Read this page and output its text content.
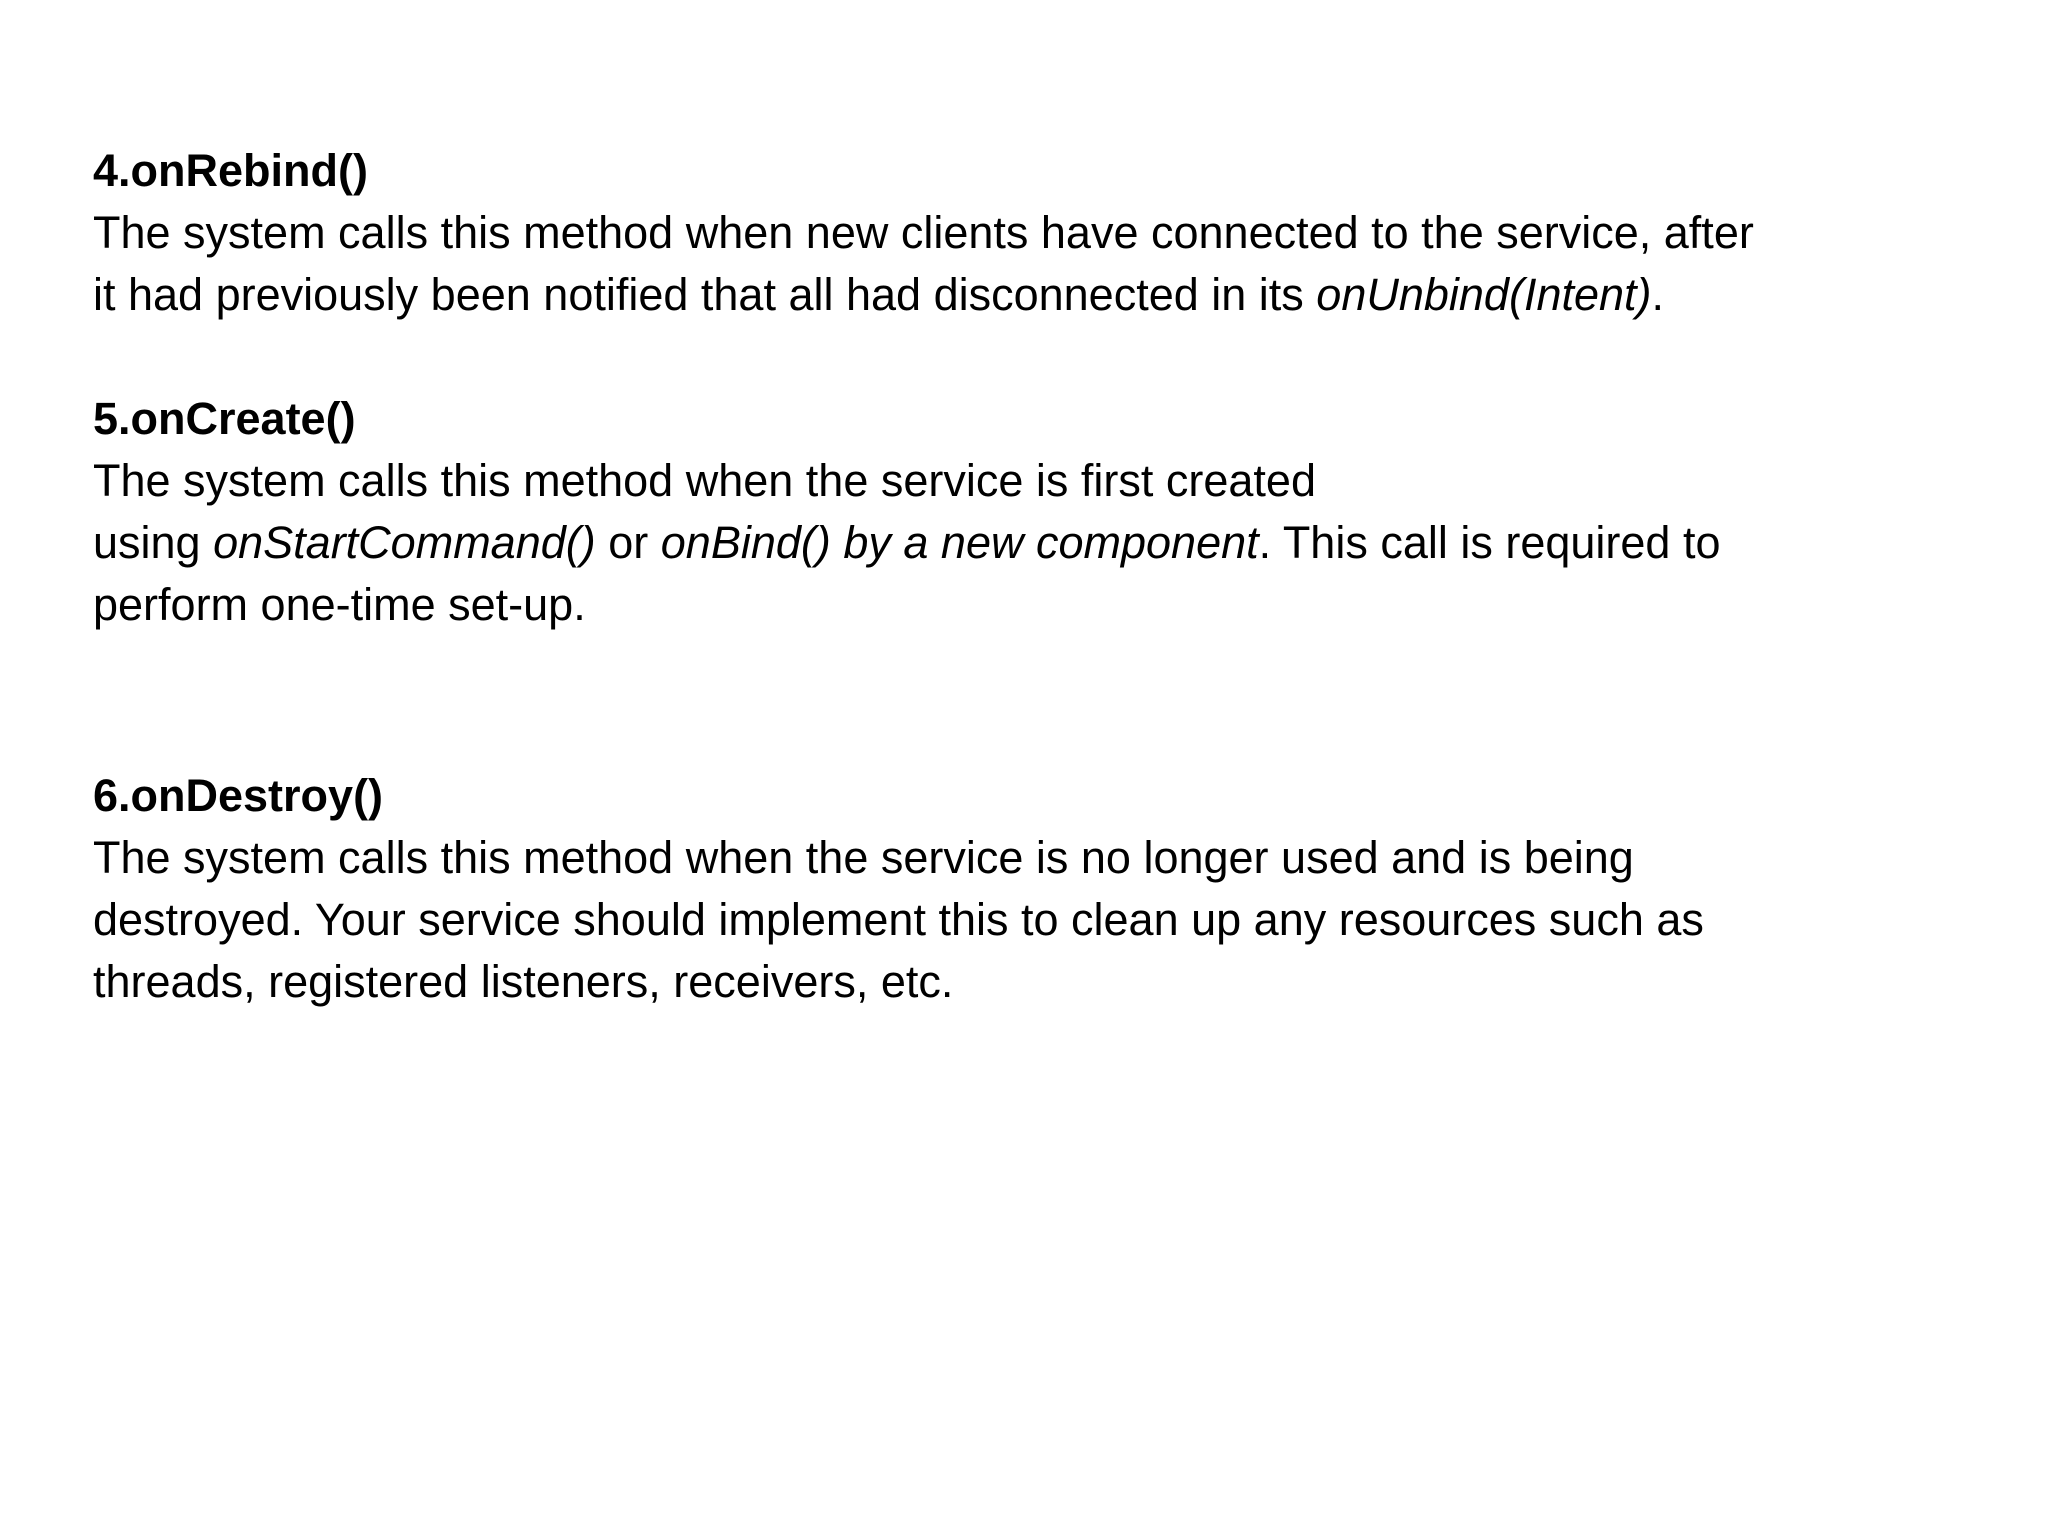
4.onRebind()

The system calls this method when new clients have connected to the service, after

it had previously been notified that all had disconnected in its onUnbind(Intent).

5.onCreate()

The system calls this method when the service is first created

using onStartCommand() or onBind() by a new component. This call is required to

perform one-time set-up.

6.onDestroy()

The system calls this method when the service is no longer used and is being

destroyed. Your service should implement this to clean up any resources such as

threads, registered listeners, receivers, etc.
